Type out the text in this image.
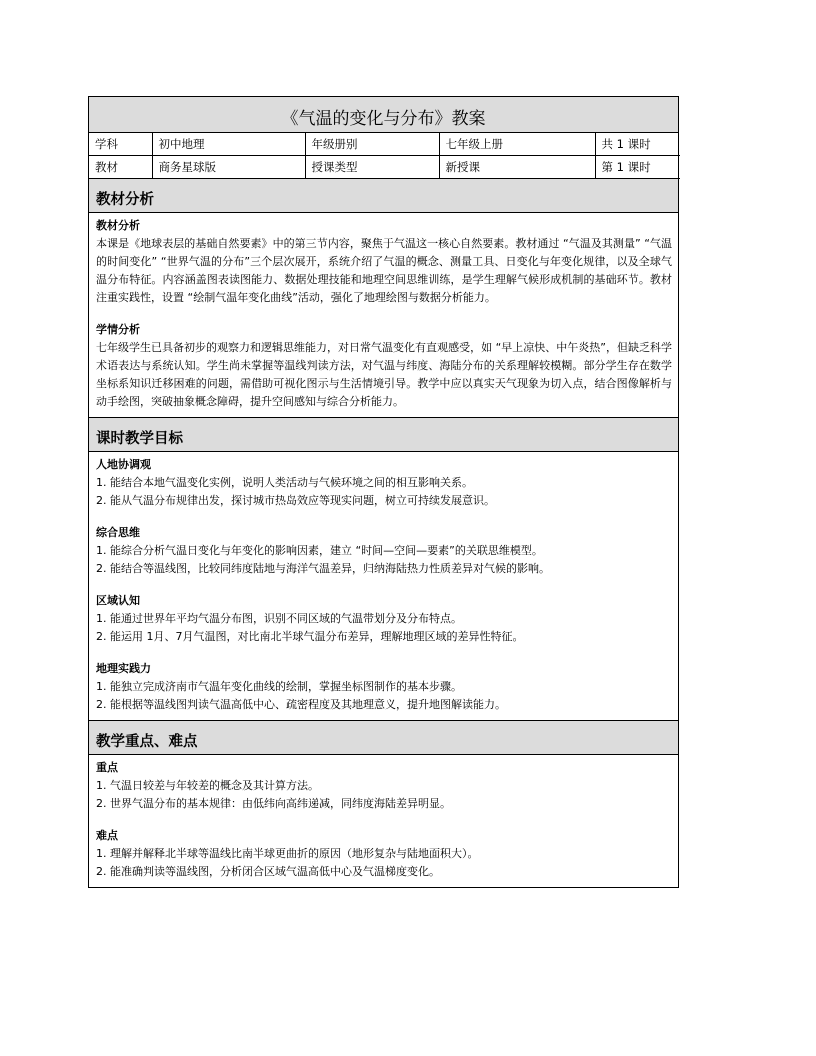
《气温的变化与分布》教案
学科	初中地理	年级册别	七年级上册	共 1 课时
教材	商务星球版	授课类型	新授课	第 1 课时
教材分析
教材分析
本课是《地球表层的基础自然要素》中的第三节内容，聚焦于气温这一核心自然要素。教材通过 “气温及其测量” “气温的时间变化” “世界气温的分布”三个层次展开，系统介绍了气温的概念、测量工具、日变化与年变化规律，以及全球气温分布特征。内容涵盖图表读图能力、数据处理技能和地理空间思维训练，是学生理解气候形成机制的基础环节。教材注重实践性，设置 “绘制气温年变化曲线”活动，强化了地理绘图与数据分析能力。
学情分析
七年级学生已具备初步的观察力和逻辑思维能力，对日常气温变化有直观感受，如 “早上凉快、中午炎热”，但缺乏科学术语表达与系统认知。学生尚未掌握等温线判读方法，对气温与纬度、海陆分布的关系理解较模糊。部分学生存在数学坐标系知识迁移困难的问题，需借助可视化图示与生活情境引导。教学中应以真实天气现象为切入点，结合图像解析与动手绘图，突破抽象概念障碍，提升空间感知与综合分析能力。
课时教学目标
人地协调观
1. 能结合本地气温变化实例，说明人类活动与气候环境之间的相互影响关系。
2. 能从气温分布规律出发，探讨城市热岛效应等现实问题，树立可持续发展意识。
综合思维
1. 能综合分析气温日变化与年变化的影响因素，建立 “时间—空间—要素”的关联思维模型。
2. 能结合等温线图，比较同纬度陆地与海洋气温差异，归纳海陆热力性质差异对气候的影响。
区域认知
1. 能通过世界年平均气温分布图，识别不同区域的气温带划分及分布特点。
2. 能运用 1月、7月气温图，对比南北半球气温分布差异，理解地理区域的差异性特征。
地理实践力
1. 能独立完成济南市气温年变化曲线的绘制，掌握坐标图制作的基本步骤。
2. 能根据等温线图判读气温高低中心、疏密程度及其地理意义，提升地图解读能力。
教学重点、难点
重点
1. 气温日较差与年较差的概念及其计算方法。
2. 世界气温分布的基本规律：由低纬向高纬递减，同纬度海陆差异明显。
难点
1. 理解并解释北半球等温线比南半球更曲折的原因（地形复杂与陆地面积大）。
2. 能准确判读等温线图，分析闭合区域气温高低中心及气温梯度变化。
